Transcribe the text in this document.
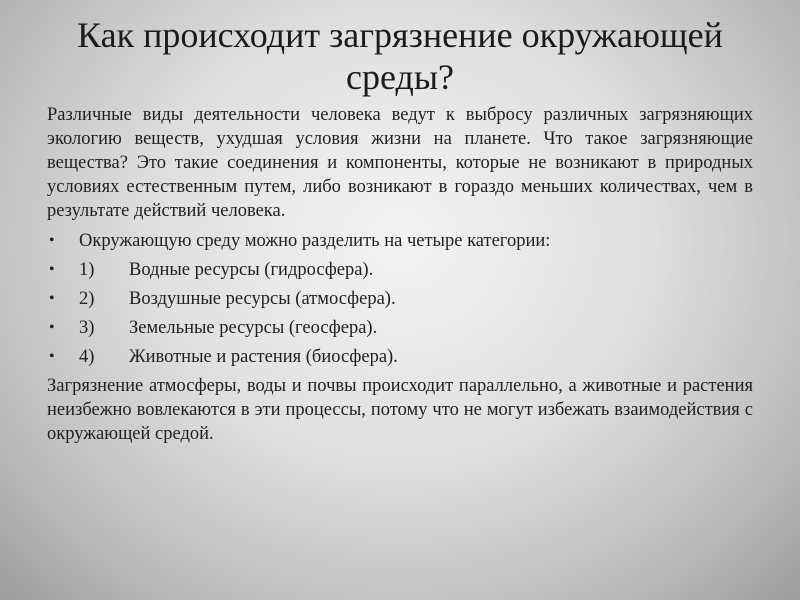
Как происходит загрязнение окружающей среды?

Различные виды деятельности человека ведут к выбросу различных загрязняющих экологию веществ, ухудшая условия жизни на планете. Что такое загрязняющие вещества? Это такие соединения и компоненты, которые не возникают в природных условиях естественным путем, либо возникают в гораздо меньших количествах, чем в результате действий человека.

• Окружающую среду можно разделить на четыре категории:
• 1) Водные ресурсы (гидросфера).
• 2) Воздушные ресурсы (атмосфера).
• 3) Земельные ресурсы (геосфера).
• 4) Животные и растения (биосфера).

Загрязнение атмосферы, воды и почвы происходит параллельно, а животные и растения неизбежно вовлекаются в эти процессы, потому что не могут избежать взаимодействия с окружающей средой.
